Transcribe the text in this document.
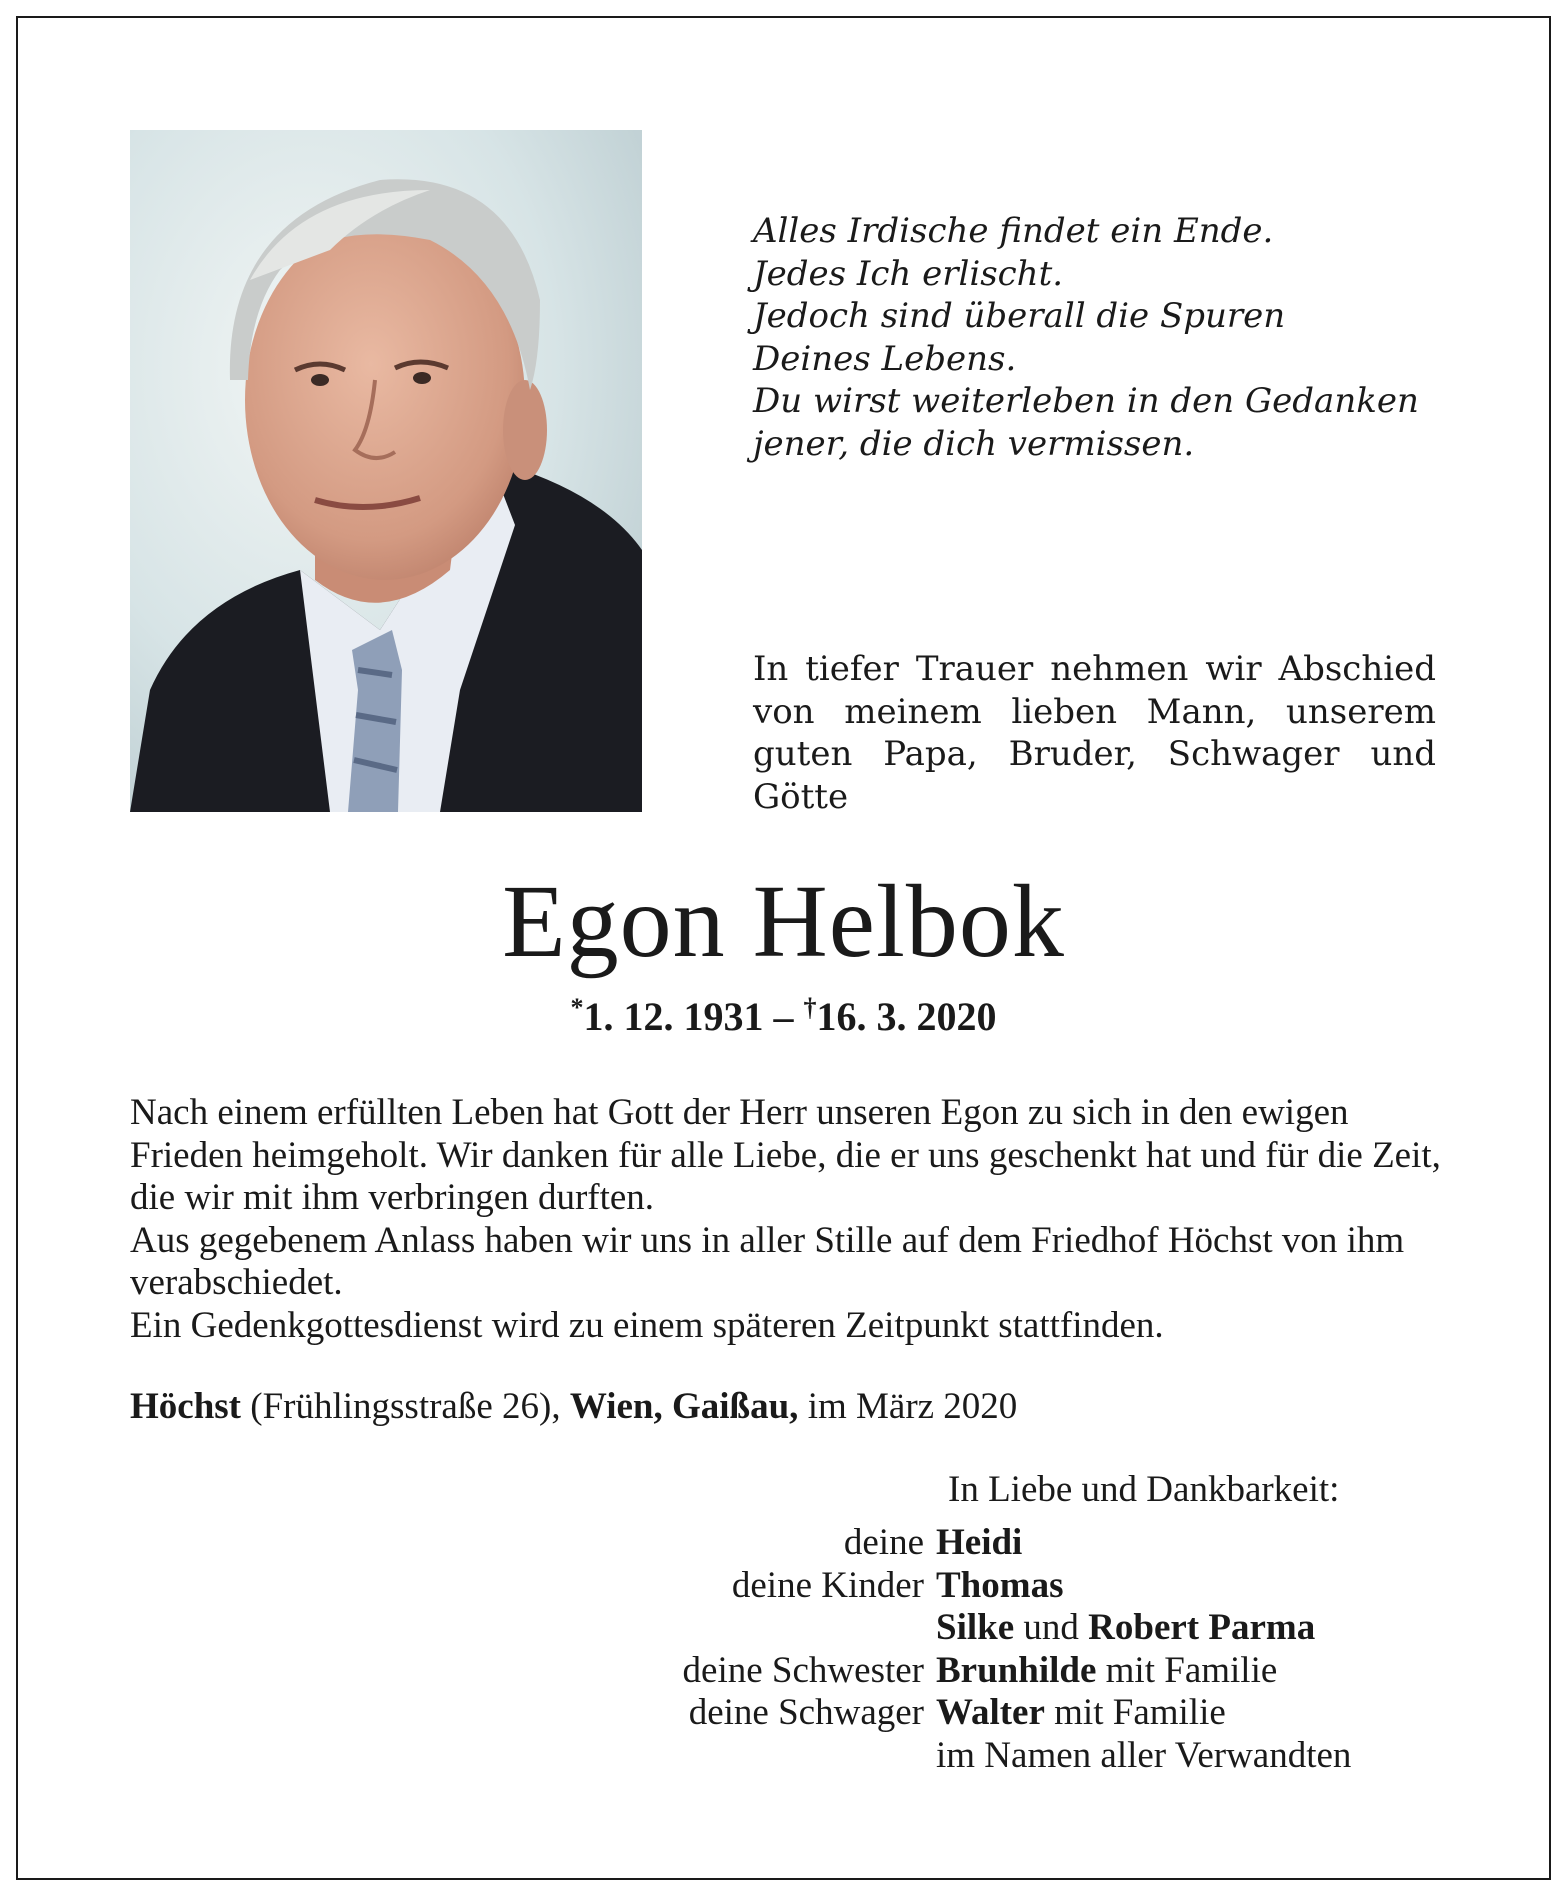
Alles Irdische findet ein Ende.
Jedes Ich erlischt.
Jedoch sind überall die Spuren
Deines Lebens.
Du wirst weiterleben in den Gedanken
jener, die dich vermissen.
In tiefer Trauer nehmen wir Abschied von meinem lieben Mann, unserem guten Papa, Bruder, Schwager und Götte
Egon Helbok
*1. 12. 1931 – †16. 3. 2020
Nach einem erfüllten Leben hat Gott der Herr unseren Egon zu sich in den ewigen Frieden heimgeholt. Wir danken für alle Liebe, die er uns geschenkt hat und für die Zeit, die wir mit ihm verbringen durften.
Aus gegebenem Anlass haben wir uns in aller Stille auf dem Friedhof Höchst von ihm verabschiedet.
Ein Gedenkgottesdienst wird zu einem späteren Zeitpunkt stattfinden.
Höchst (Frühlingsstraße 26), Wien, Gaißau, im März 2020
In Liebe und Dankbarkeit:
deine Heidi
deine Kinder Thomas
Silke und Robert Parma
deine Schwester Brunhilde mit Familie
deine Schwager Walter mit Familie
im Namen aller Verwandten
